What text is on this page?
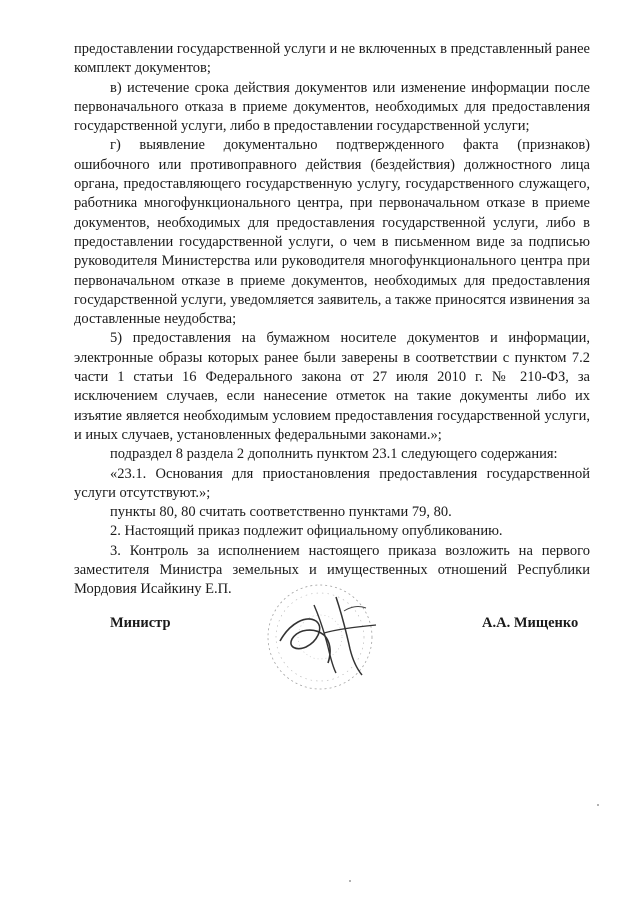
предоставлении государственной услуги и не включенных в представленный ранее комплект документов;

в) истечение срока действия документов или изменение информации после первоначального отказа в приеме документов, необходимых для предоставления государственной услуги, либо в предоставлении государственной услуги;

г) выявление документально подтвержденного факта (признаков) ошибочного или противоправного действия (бездействия) должностного лица органа, предоставляющего государственную услугу, государственного служащего, работника многофункционального центра, при первоначальном отказе в приеме документов, необходимых для предоставления государственной услуги, либо в предоставлении государственной услуги, о чем в письменном виде за подписью руководителя Министерства или руководителя многофункционального центра при первоначальном отказе в приеме документов, необходимых для предоставления государственной услуги, уведомляется заявитель, а также приносятся извинения за доставленные неудобства;

5) предоставления на бумажном носителе документов и информации, электронные образы которых ранее были заверены в соответствии с пунктом 7.2 части 1 статьи 16 Федерального закона от 27 июля 2010 г. № 210-ФЗ, за исключением случаев, если нанесение отметок на такие документы либо их изъятие является необходимым условием предоставления государственной услуги, и иных случаев, установленных федеральными законами.»;

подраздел 8 раздела 2 дополнить пунктом 23.1 следующего содержания:

«23.1. Основания для приостановления предоставления государственной услуги отсутствуют.»;

пункты 80, 80 считать соответственно пунктами 79, 80.

2. Настоящий приказ подлежит официальному опубликованию.

3. Контроль за исполнением настоящего приказа возложить на первого заместителя Министра земельных и имущественных отношений Республики Мордовия Исайкину Е.П.

Министр	А.А. Мищенко
